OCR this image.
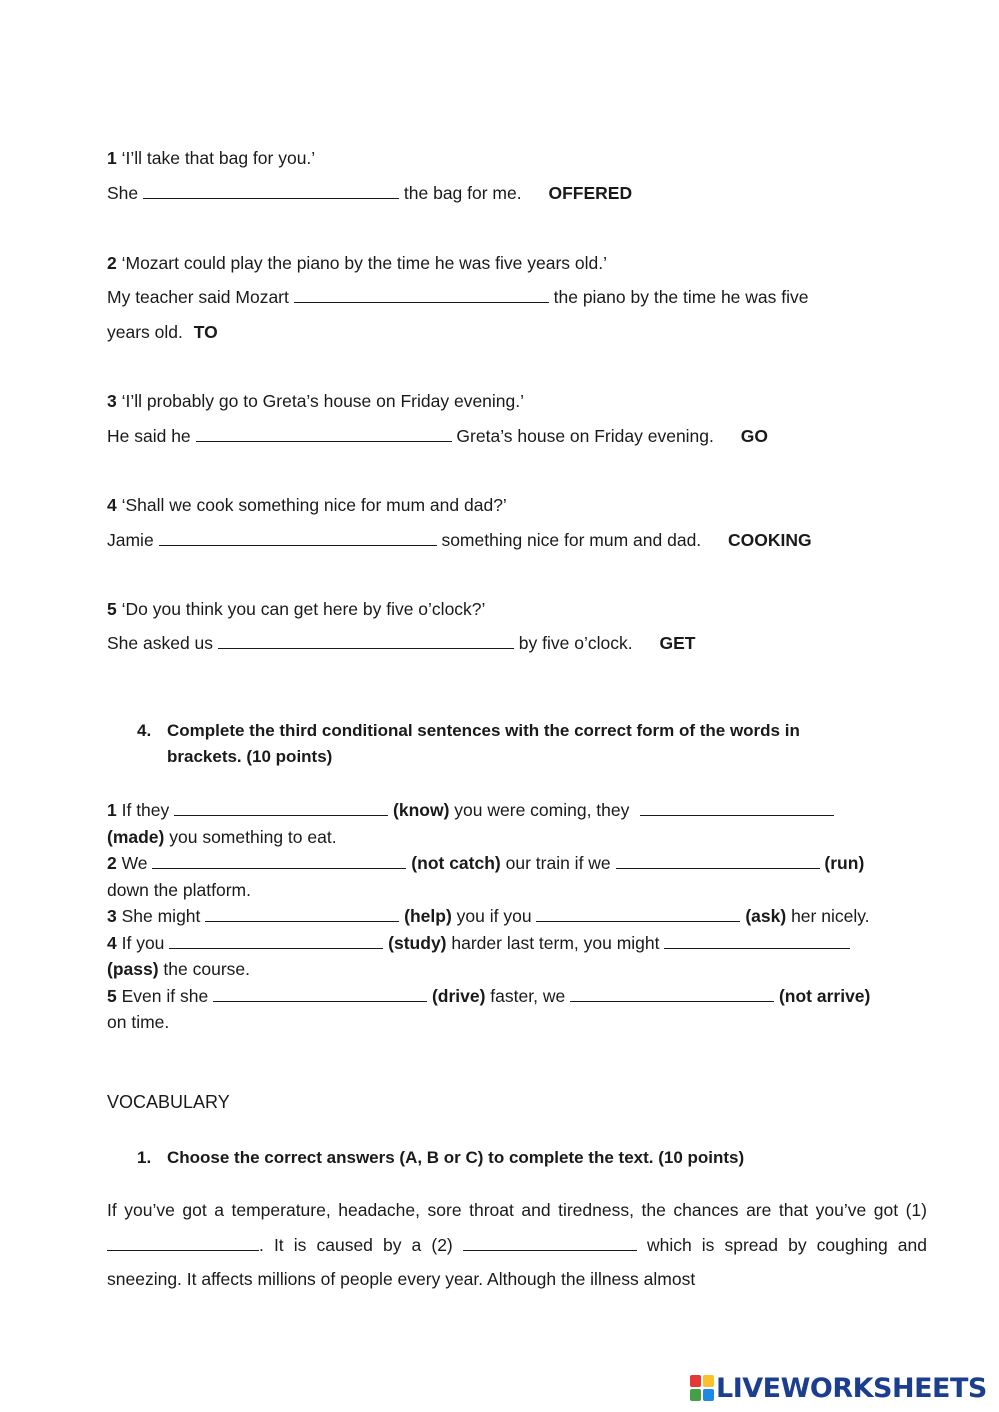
1 ‘I’ll take that bag for you.’
She	the bag for me. OFFERED
2 ‘Mozart could play the piano by the time he was five years old.’
My teacher said Mozart	the piano by the time he was five
years old. TO
3 ‘I’ll probably go to Greta’s house on Friday evening.’
He said he	Greta’s house on Friday evening. GO
4 ‘Shall we cook something nice for mum and dad?’
Jamie	something nice for mum and dad. COOKING
5 ‘Do you think you can get here by five o’clock?’
She asked us	by five o’clock. GET
4. Complete the third conditional sentences with the correct form of the words in
brackets. (10 points)
1 If they	(know) you were coming, they
(made) you something to eat.
2 We	(not catch) our train if we	(run)
down the platform.
3 She might	(help) you if you	(ask) her nicely.
4 If you	(study) harder last term, you might
(pass) the course.
5 Even if she	(drive) faster, we	(not arrive)
on time.
VOCABULARY
1. Choose the correct answers (A, B or C) to complete the text. (10 points)
If you’ve got a temperature, headache, sore throat and tiredness, the chances are that you’ve got (1) . It is caused by a (2)	which is spread by coughing and sneezing. It affects millions of people every year. Although the illness almost
LIVEWORKSHEETS
